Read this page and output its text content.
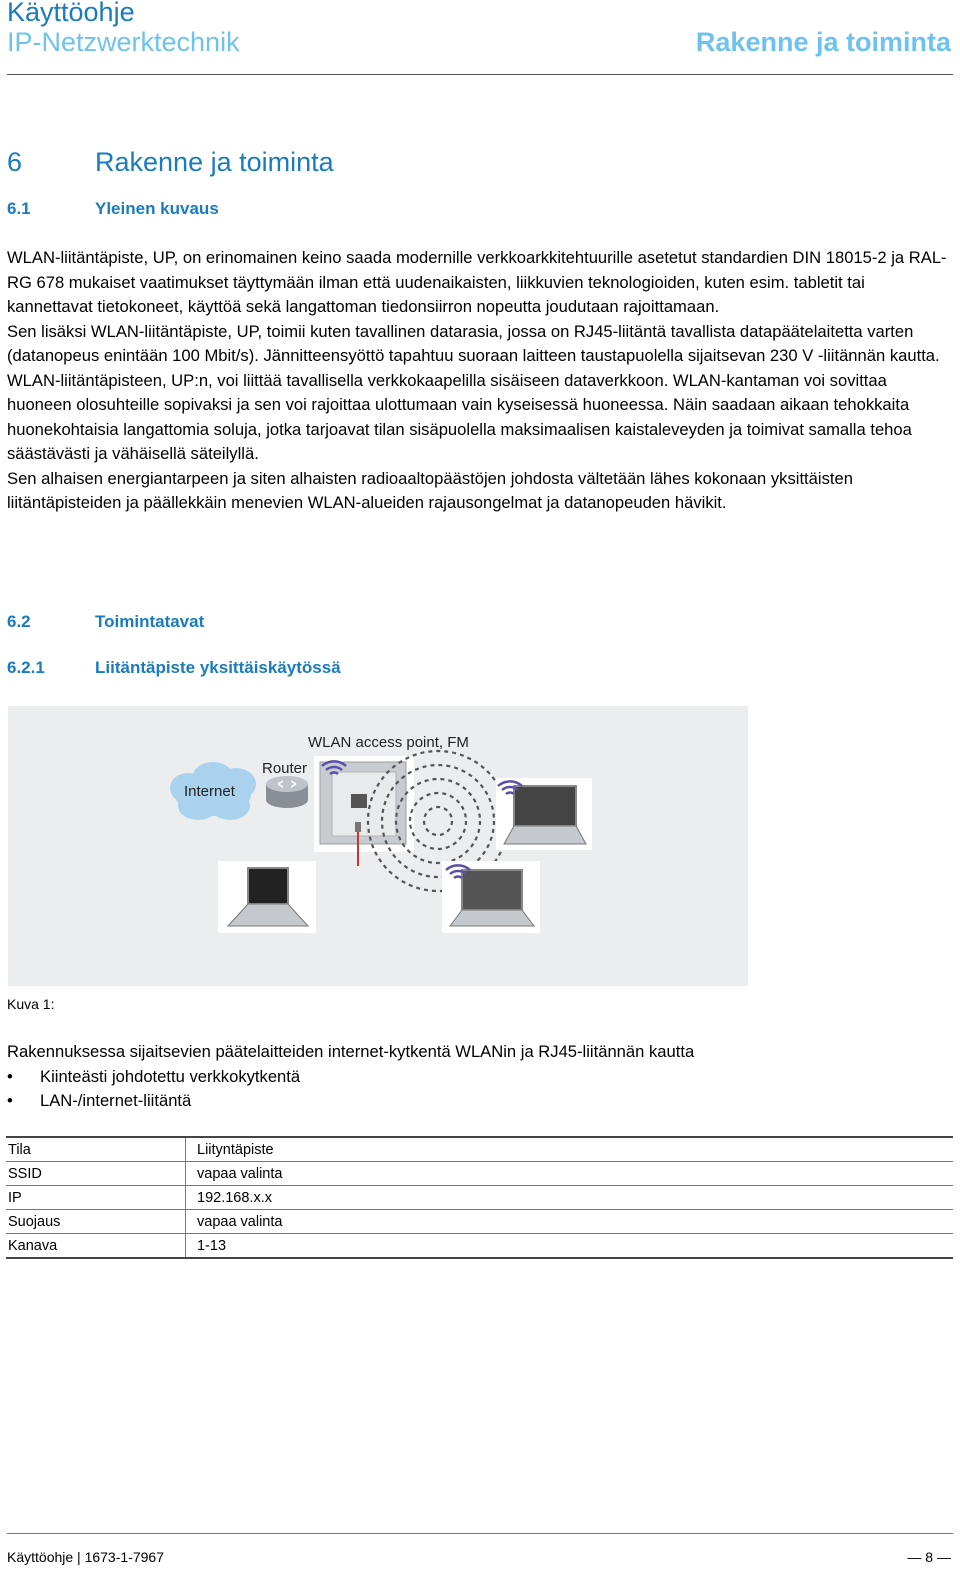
Käyttöohje
IP-Netzwerktechnik	Rakenne ja toiminta
6	Rakenne ja toiminta
6.1	Yleinen kuvaus

WLAN-liitäntäpiste, UP, on erinomainen keino saada modernille verkkoarkkitehtuurille asetetut standardien DIN 18015-2 ja RAL-RG 678 mukaiset vaatimukset täyttymään ilman että uudenaikaisten, liikkuvien teknologioiden, kuten esim. tabletit tai kannettavat tietokoneet, käyttöä sekä langattoman tiedonsiirron nopeutta joudutaan rajoittamaan.

Sen lisäksi WLAN-liitäntäpiste, UP, toimii kuten tavallinen datarasia, jossa on RJ45-liitäntä tavallista datapäätelaitetta varten (datanopeus enintään 100 Mbit/s). Jännitteensyöttö tapahtuu suoraan laitteen taustapuolella sijaitsevan 230 V -liitännän kautta.

WLAN-liitäntäpisteen, UP:n, voi liittää tavallisella verkkokaapelilla sisäiseen dataverkkoon. WLAN-kantaman voi sovittaa huoneen olosuhteille sopivaksi ja sen voi rajoittaa ulottumaan vain kyseisessä huoneessa. Näin saadaan aikaan tehokkaita huonekohtaisia langattomia soluja, jotka tarjoavat tilan sisäpuolella maksimaalisen kaistaleveyden ja toimivat samalla tehoa säästävästi ja vähäisellä säteilyllä.

Sen alhaisen energiantarpeen ja siten alhaisten radioaaltopäästöjen johdosta vältetään lähes kokonaan yksittäisten liitäntäpisteiden ja päällekkäin menevien WLAN-alueiden rajausongelmat ja datanopeuden hävikit.

6.2	Toimintatavat
6.2.1	Liitäntäpiste yksittäiskäytössä
Internet
Router
WLAN access point, FM
Kuva 1:
Rakennuksessa sijaitsevien päätelaitteiden internet-kytkentä WLANin ja RJ45-liitännän kautta
• Kiinteästi johdotettu verkkokytkentä
• LAN-/internet-liitäntä
Tila	Liityntäpiste
SSID	vapaa valinta
IP	192.168.x.x
Suojaus	vapaa valinta
Kanava	1-13
Käyttöohje | 1673-1-7967	— 8 —
